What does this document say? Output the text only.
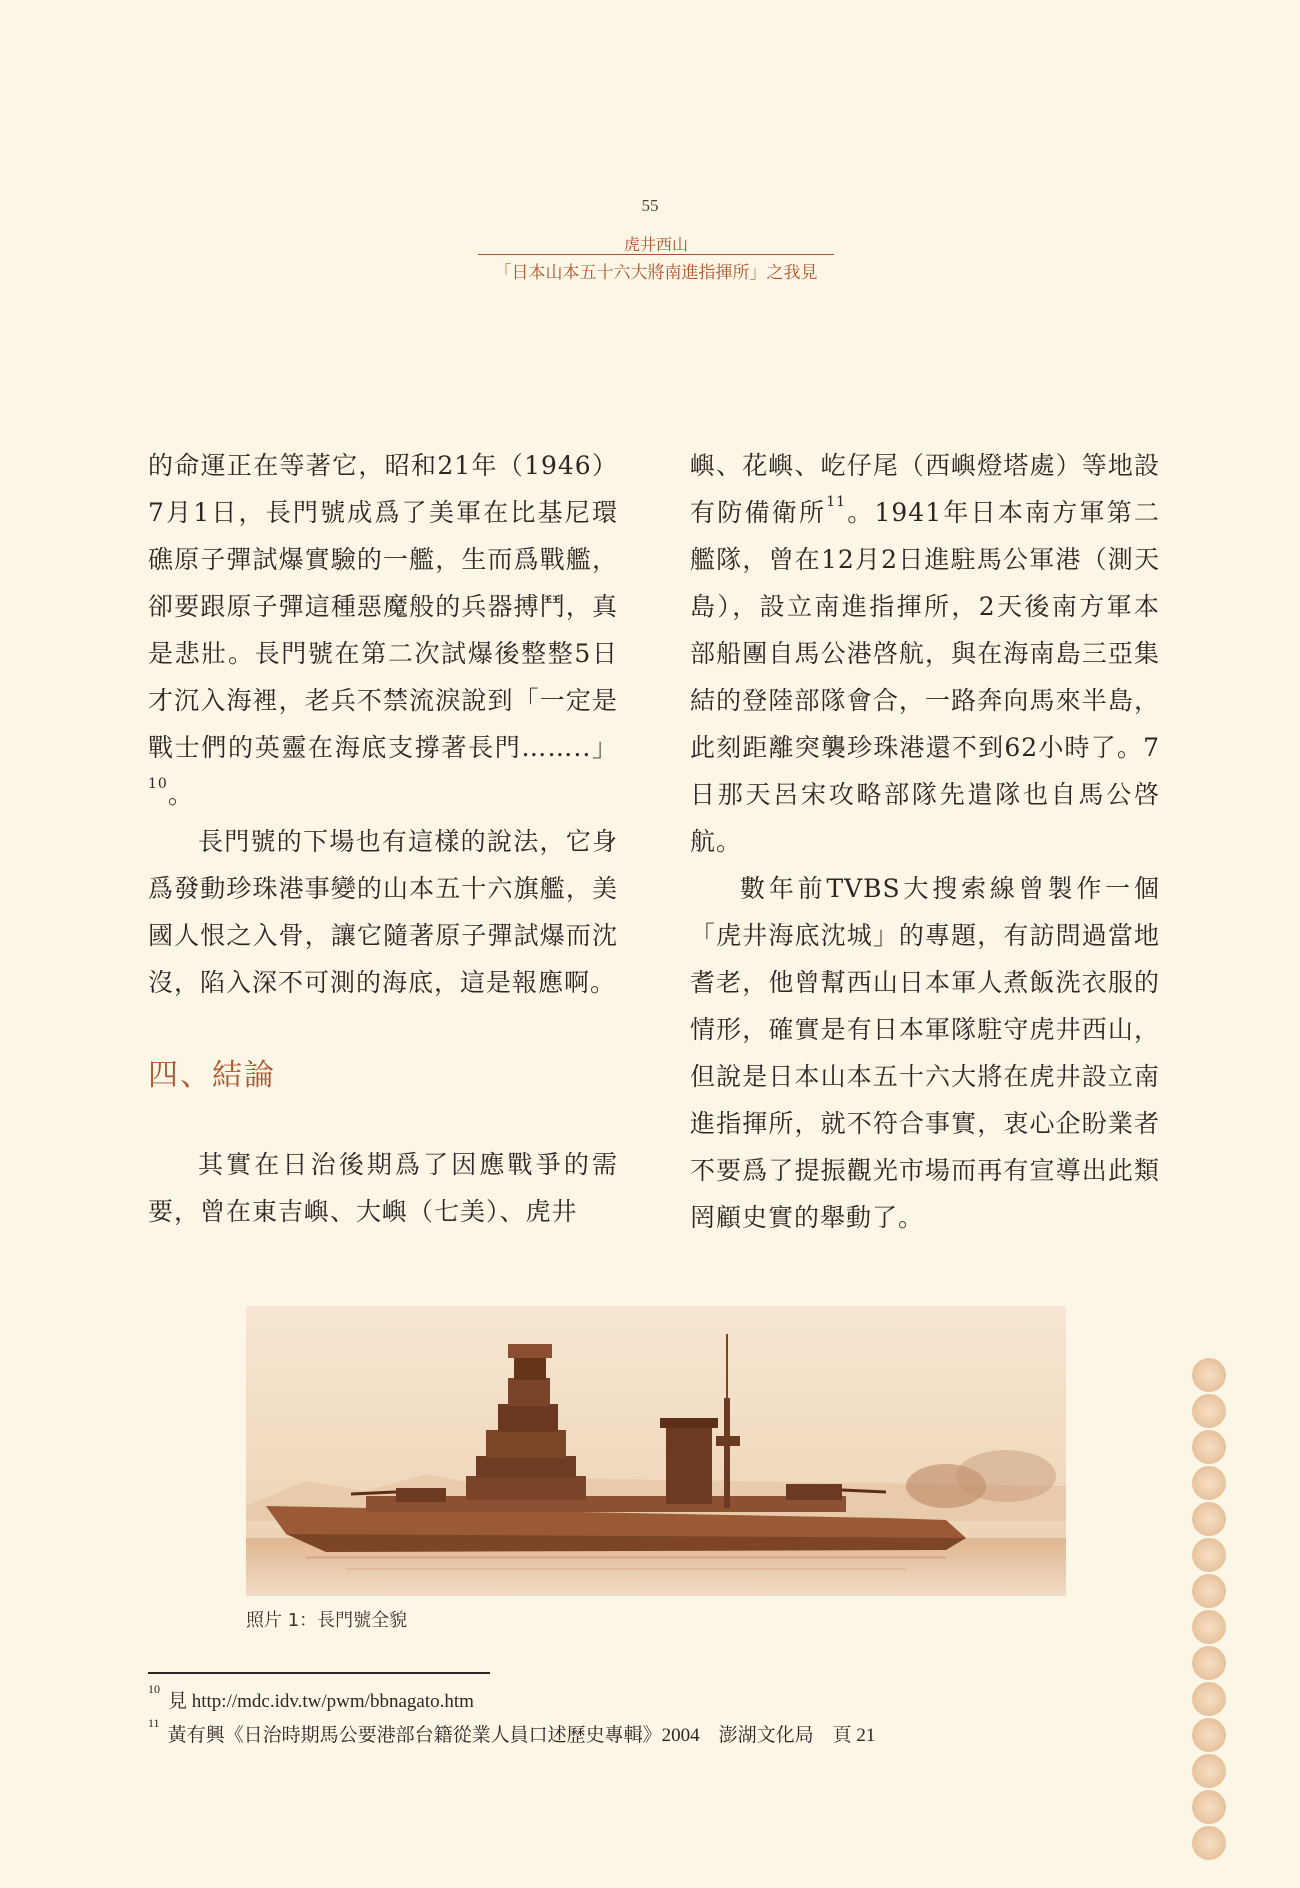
55
虎井西山
「日本山本五十六大將南進指揮所」之我見

的命運正在等著它，昭和21年（1946）7月1日，長門號成爲了美軍在比基尼環礁原子彈試爆實驗的一艦，生而爲戰艦，卻要跟原子彈這種惡魔般的兵器搏鬥，真是悲壯。長門號在第二次試爆後整整5日才沉入海裡，老兵不禁流淚說到「一定是戰士們的英靈在海底支撐著長門……..」$^{10}$。

長門號的下場也有這樣的說法，它身爲發動珍珠港事變的山本五十六旗艦，美國人恨之入骨，讓它隨著原子彈試爆而沈沒，陷入深不可測的海底，這是報應啊。

四、結論

其實在日治後期爲了因應戰爭的需要，曾在東吉嶼、大嶼（七美）、虎井

嶼、花嶼、屹仔尾（西嶼燈塔處）等地設有防備衛所$^{11}$。1941年日本南方軍第二艦隊，曾在12月2日進駐馬公軍港（測天島），設立南進指揮所，2天後南方軍本部船團自馬公港啓航，與在海南島三亞集結的登陸部隊會合，一路奔向馬來半島，此刻距離突襲珍珠港還不到62小時了。7日那天呂宋攻略部隊先遣隊也自馬公啓航。

數年前TVBS大搜索線曾製作一個「虎井海底沈城」的專題，有訪問過當地耆老，他曾幫西山日本軍人煮飯洗衣服的情形，確實是有日本軍隊駐守虎井西山，但說是日本山本五十六大將在虎井設立南進指揮所，就不符合事實，衷心企盼業者不要爲了提振觀光市場而再有宣導出此類罔顧史實的舉動了。

照片 1：長門號全貌
$^{10}$見 http://mdc.idv.tw/pwm/bbnagato.htm
$^{11}$黃有興《日治時期馬公要港部台籍從業人員口述歷史專輯》2004　澎湖文化局　頁 21
